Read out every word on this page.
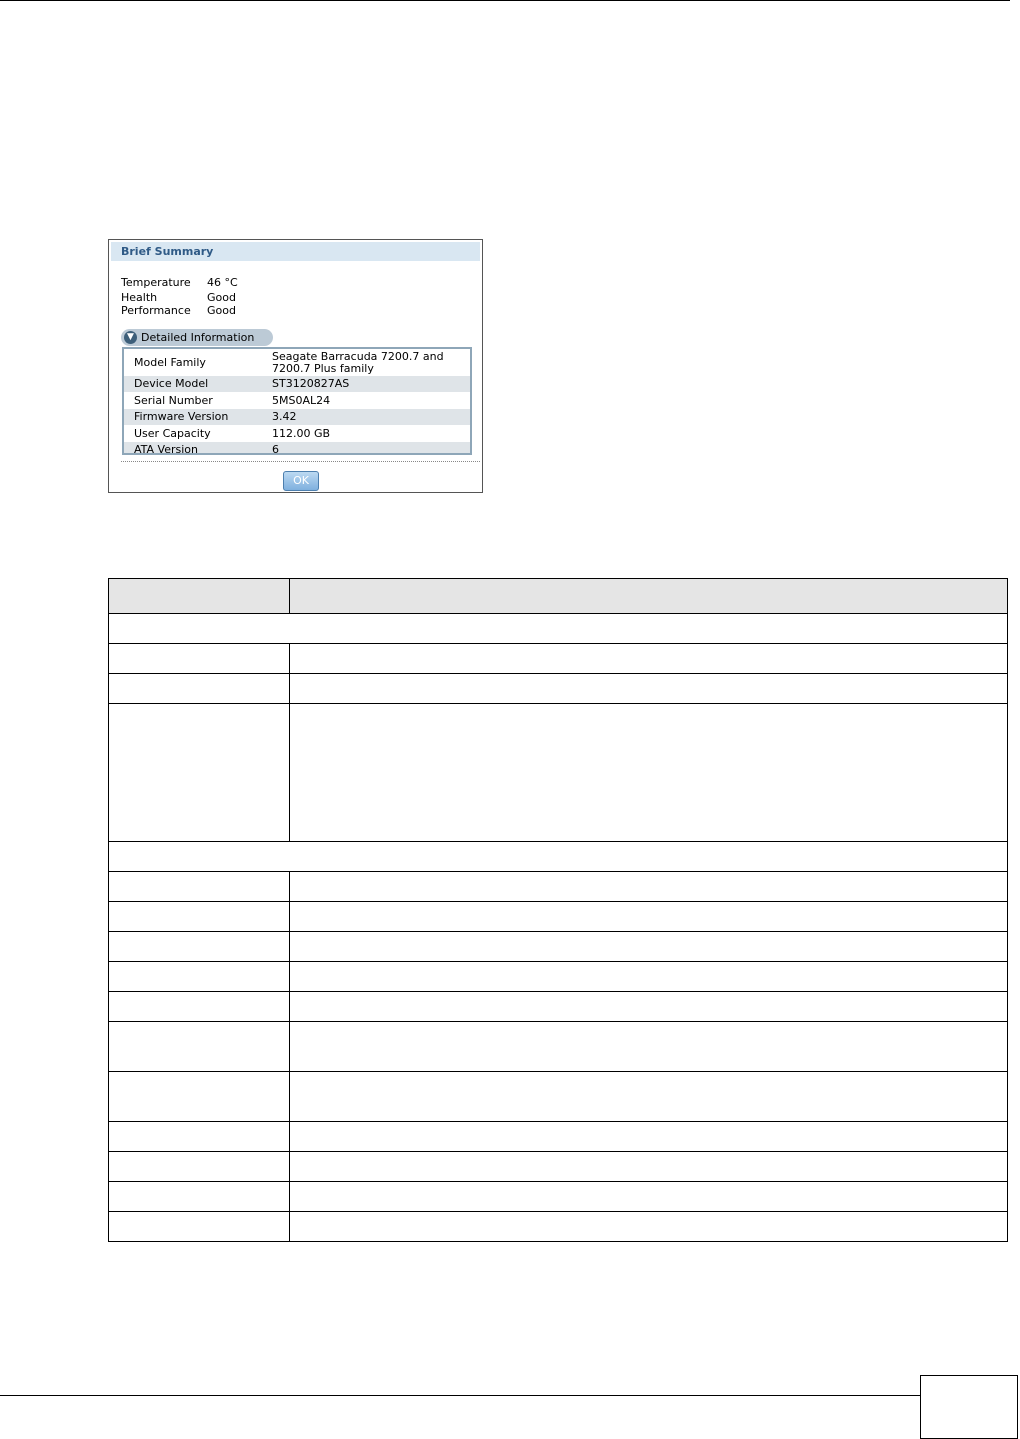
Brief Summary
Temperature 46 °C
Health	Good
Performance Good
▼ Detailed Information
Model Family	Seagate Barracuda 7200.7 and 7200.7 Plus family
Device Model	ST3120827AS
Serial Number	5MS0AL24
Firmware Version	3.42
User Capacity	112.00 GB
ATA Version	6
OK
